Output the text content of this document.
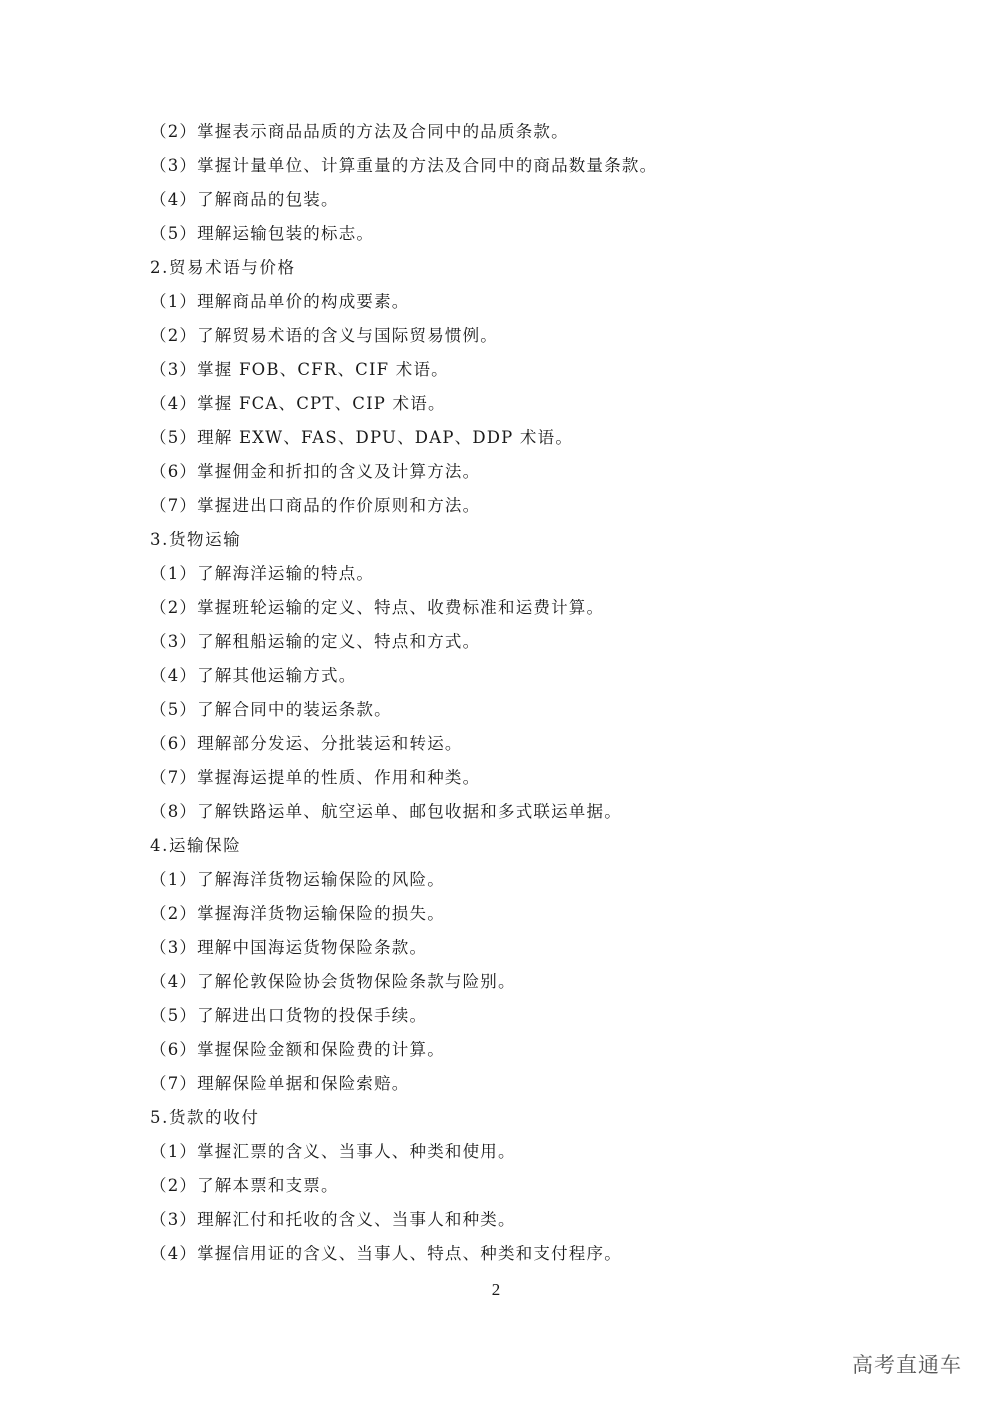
（2）掌握表示商品品质的方法及合同中的品质条款。
（3）掌握计量单位、计算重量的方法及合同中的商品数量条款。
（4）了解商品的包装。
（5）理解运输包装的标志。
2.贸易术语与价格
（1）理解商品单价的构成要素。
（2）了解贸易术语的含义与国际贸易惯例。
（3）掌握 FOB、CFR、CIF 术语。
（4）掌握 FCA、CPT、CIP 术语。
（5）理解 EXW、FAS、DPU、DAP、DDP 术语。
（6）掌握佣金和折扣的含义及计算方法。
（7）掌握进出口商品的作价原则和方法。
3.货物运输
（1）了解海洋运输的特点。
（2）掌握班轮运输的定义、特点、收费标准和运费计算。
（3）了解租船运输的定义、特点和方式。
（4）了解其他运输方式。
（5）了解合同中的装运条款。
（6）理解部分发运、分批装运和转运。
（7）掌握海运提单的性质、作用和种类。
（8）了解铁路运单、航空运单、邮包收据和多式联运单据。
4.运输保险
（1）了解海洋货物运输保险的风险。
（2）掌握海洋货物运输保险的损失。
（3）理解中国海运货物保险条款。
（4）了解伦敦保险协会货物保险条款与险别。
（5）了解进出口货物的投保手续。
（6）掌握保险金额和保险费的计算。
（7）理解保险单据和保险索赔。
5.货款的收付
（1）掌握汇票的含义、当事人、种类和使用。
（2）了解本票和支票。
（3）理解汇付和托收的含义、当事人和种类。
（4）掌握信用证的含义、当事人、特点、种类和支付程序。
2
高考直通车
